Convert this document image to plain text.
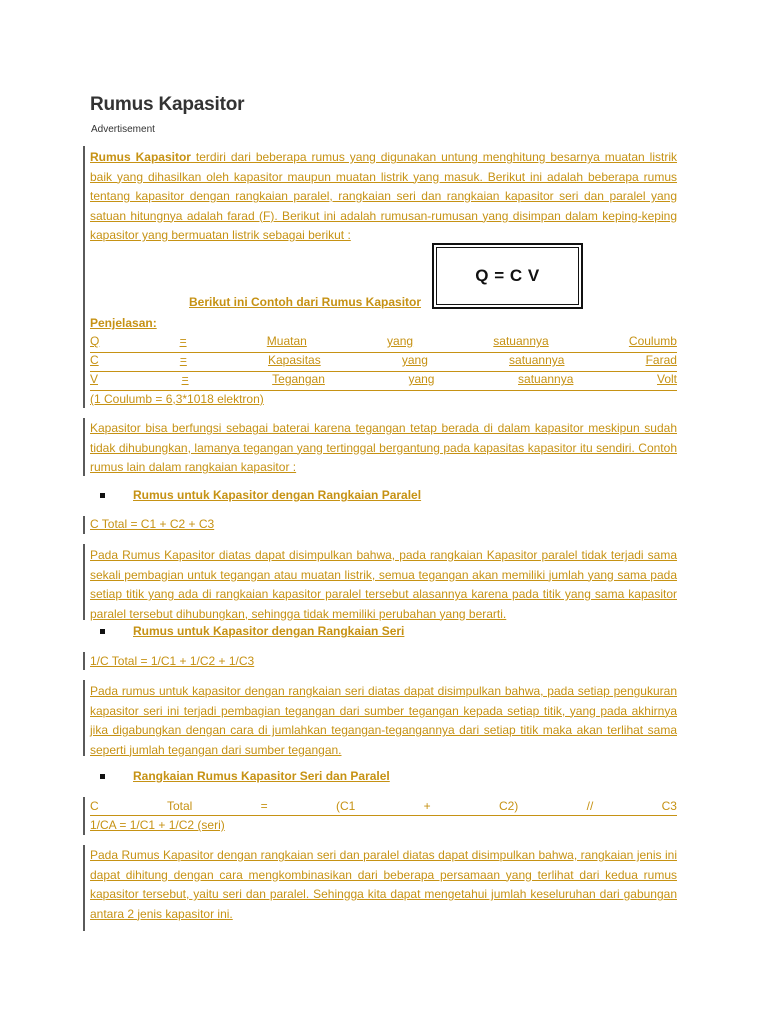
Rumus Kapasitor
Advertisement

Rumus Kapasitor terdiri dari beberapa rumus yang digunakan untung menghitung besarnya muatan listrik baik yang dihasilkan oleh kapasitor maupun muatan listrik yang masuk. Berikut ini adalah beberapa rumus tentang kapasitor dengan rangkaian paralel, rangkaian seri dan rangkaian kapasitor seri dan paralel yang satuan hitungnya adalah farad (F). Berikut ini adalah rumusan-rumusan yang disimpan dalam keping-keping kapasitor yang bermuatan listrik sebagai berikut :

Q = C V
Berikut ini Contoh dari Rumus Kapasitor
Penjelasan:
Q	=	Muatan	yang	satuannya	Coulumb
C	=	Kapasitas	yang	satuannya	Farad
V	=	Tegangan	yang	satuannya	Volt
(1 Coulumb = 6,3*1018 elektron)

Kapasitor bisa berfungsi sebagai baterai karena tegangan tetap berada di dalam kapasitor meskipun sudah tidak dihubungkan, lamanya tegangan yang tertinggal bergantung pada kapasitas kapasitor itu sendiri. Contoh rumus lain dalam rangkaian kapasitor :

Rumus untuk Kapasitor dengan Rangkaian Paralel
C Total = C1 + C2 + C3

Pada Rumus Kapasitor diatas dapat disimpulkan bahwa, pada rangkaian Kapasitor paralel tidak terjadi sama sekali pembagian untuk tegangan atau muatan listrik, semua tegangan akan memiliki jumlah yang sama pada setiap titik yang ada di rangkaian kapasitor paralel tersebut alasannya karena pada titik yang sama kapasitor paralel tersebut dihubungkan, sehingga tidak memiliki perubahan yang berarti.

Rumus untuk Kapasitor dengan Rangkaian Seri
1/C Total = 1/C1 + 1/C2 + 1/C3

Pada rumus untuk kapasitor dengan rangkaian seri diatas dapat disimpulkan bahwa, pada setiap pengukuran kapasitor seri ini terjadi pembagian tegangan dari sumber tegangan kepada setiap titik, yang pada akhirnya jika digabungkan dengan cara di jumlahkan tegangan-tegangannya dari setiap titik maka akan terlihat sama seperti jumlah tegangan dari sumber tegangan.

Rangkaian Rumus Kapasitor Seri dan Paralel
C	Total	=	(C1	+	C2)	//	C3
1/CA = 1/C1 + 1/C2 (seri)

Pada Rumus Kapasitor dengan rangkaian seri dan paralel diatas dapat disimpulkan bahwa, rangkaian jenis ini dapat dihitung dengan cara mengkombinasikan dari beberapa persamaan yang terlihat dari kedua rumus kapasitor tersebut, yaitu seri dan paralel. Sehingga kita dapat mengetahui jumlah keseluruhan dari gabungan antara 2 jenis kapasitor ini.
